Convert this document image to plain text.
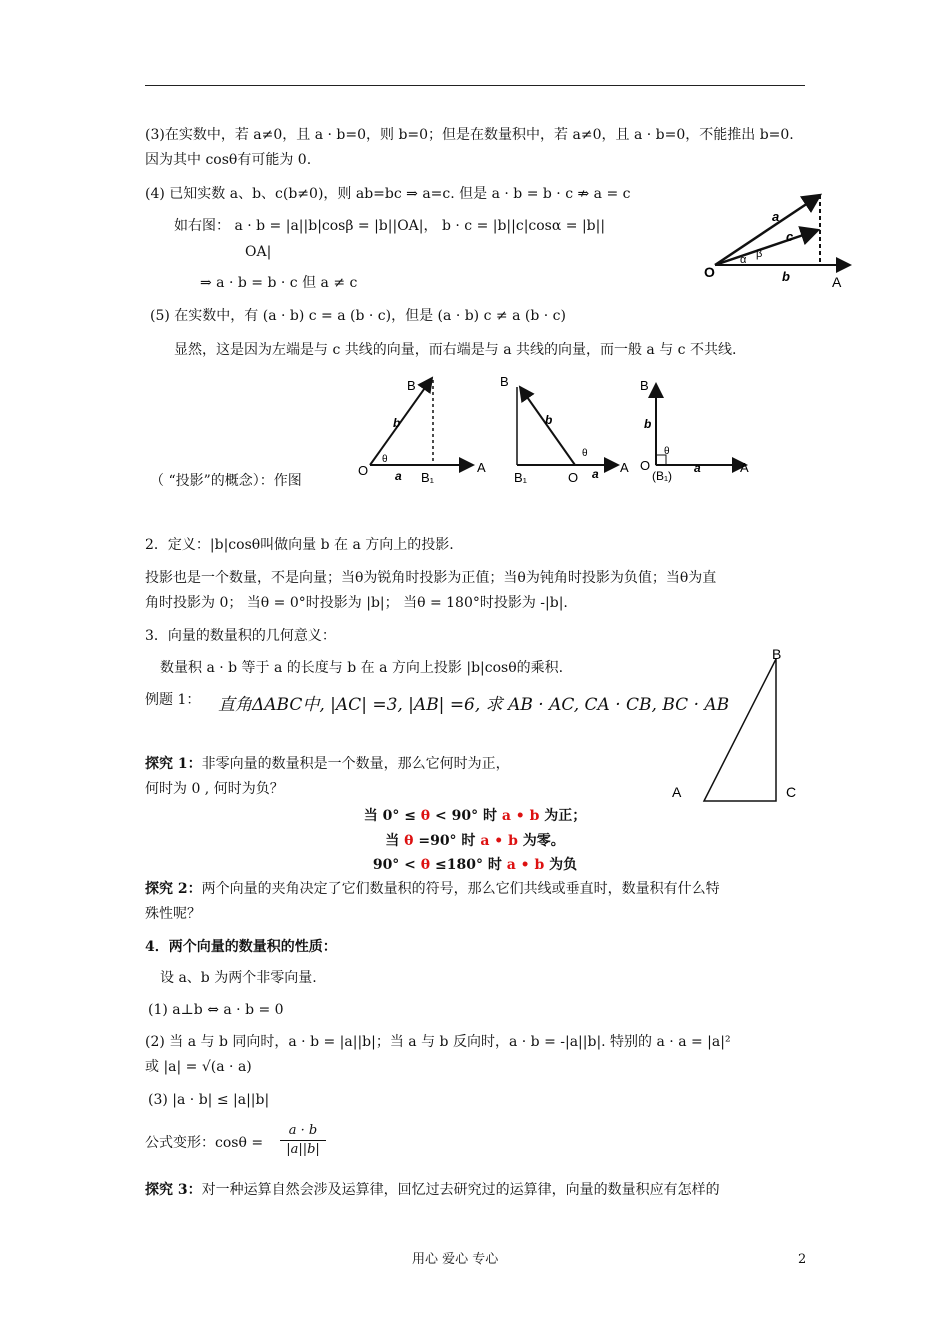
(3)在实数中，若 a≠0，且 a · b=0，则 b=0；但是在数量积中，若 a≠0，且 a · b=0，不能推出 b=0.
因为其中 cosθ有可能为 0.
(4) 已知实数 a、b、c(b≠0)，则 ab=bc ⇒ a=c. 但是 a · b = b · c ⇏ a = c
如右图： a · b = |a||b|cosβ = |b||OA|， b · c = |b||c|cosα = |b||
OA|
⇒ a · b = b · c 但 a ≠ c
O
A
b
a
c
α β
(5) 在实数中，有 (a · b) c = a (b · c)，但是 (a · b) c ≠ a (b · c)
显然，这是因为左端是与 c 共线的向量，而右端是与 a 共线的向量，而一般 a 与 c 不共线.
B
b
θ
O a B₁
A
B
b
θ
B₁	O a A
B
b
θ
O
(B₁)
a	A
（ “投影”的概念）：作图
2．定义：|b|cosθ叫做向量 b 在 a 方向上的投影.
投影也是一个数量，不是向量；当θ为锐角时投影为正值；当θ为钝角时投影为负值；当θ为直
角时投影为 0； 当θ = 0°时投影为 |b|； 当θ = 180°时投影为 -|b|.
3．向量的数量积的几何意义：
数量积 a · b 等于 a 的长度与 b 在 a 方向上投影 |b|cosθ的乘积.
例题 1： 直角ΔABC中, |AC| =3, |AB| =6, 求 AB · AC, CA · CB, BC · AB
B
A	C
探究 1：非零向量的数量积是一个数量，那么它何时为正，
何时为 0 , 何时为负？
当 0° ≤ θ < 90° 时 a • b 为正；
当 θ =90° 时 a • b 为零。
90° < θ ≤180° 时 a • b 为负
探究 2：两个向量的夹角决定了它们数量积的符号，那么它们共线或垂直时，数量积有什么特
殊性呢？
4．两个向量的数量积的性质：
设 a、b 为两个非零向量.
(1) a⊥b ⇔ a · b = 0
(2) 当 a 与 b 同向时，a · b = |a||b|；当 a 与 b 反向时，a · b = -|a||b|. 特别的 a · a = |a|²
或 |a| = √(a · a)
(3) |a · b| ≤ |a||b|
公式变形：$\cos\theta = \frac{a \cdot b}{|a||b|}$
探究 3：对一种运算自然会涉及运算律，回忆过去研究过的运算律，向量的数量积应有怎样的
用心 爱心 专心	2
